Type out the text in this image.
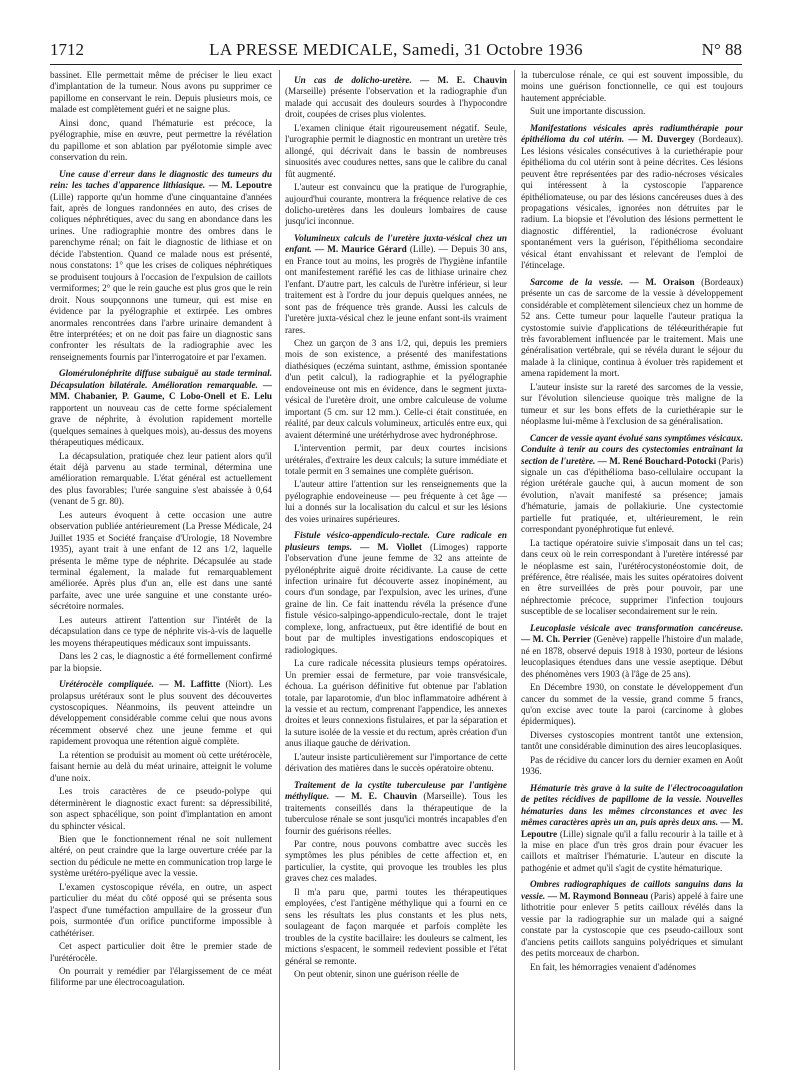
1712	LA PRESSE MEDICALE, Samedi, 31 Octobre 1936	N° 88

bassinet. Elle permettait même de préciser le lieu exact d'implantation de la tumeur. Nous avons pu supprimer ce papillome en conservant le rein. Depuis plusieurs mois, ce malade est complètement guéri et ne saigne plus.

Ainsi donc, quand l'hématurie est précoce, la pyélographie, mise en œuvre, peut permettre la révélation du papillome et son ablation par pyélotomie simple avec conservation du rein.

Une cause d'erreur dans le diagnostic des tumeurs du rein: les taches d'apparence lithiasique. — M. Lepoutre (Lille) rapporte qu'un homme d'une cinquantaine d'années fait, après de longues randonnées en auto, des crises de coliques néphrétiques, avec du sang en abondance dans les urines. Une radiographie montre des ombres dans le parenchyme rénal; on fait le diagnostic de lithiase et on décide l'abstention. Quand ce malade nous est présenté, nous constatons: 1° que les crises de coliques néphrétiques se produisent toujours à l'occasion de l'expulsion de caillots vermiformes; 2° que le rein gauche est plus gros que le rein droit. Nous soupçonnons une tumeur, qui est mise en évidence par la pyélographie et extirpée. Les ombres anormales rencontrées dans l'arbre urinaire demandent à être interprétées; et on ne doit pas faire un diagnostic sans confronter les résultats de la radiographie avec les renseignements fournis par l'interrogatoire et par l'examen.

Glomérulonéphrite diffuse subaiguë au stade terminal. Décapsulation bilatérale. Amélioration remarquable. — MM. Chabanier, P. Gaume, C Lobo-Onell et E. Lelu rapportent un nouveau cas de cette forme spécialement grave de néphrite, à évolution rapidement mortelle (quelques semaines à quelques mois), au-dessus des moyens thérapeutiques médicaux.

La décapsulation, pratiquée chez leur patient alors qu'il était déjà parvenu au stade terminal, détermina une amélioration remarquable. L'état général est actuellement des plus favorables; l'urée sanguine s'est abaissée à 0,64 (venant de 5 gr. 80).

Les auteurs évoquent à cette occasion une autre observation publiée antérieurement (La Presse Médicale, 24 Juillet 1935 et Société française d'Urologie, 18 Novembre 1935), ayant trait à une enfant de 12 ans 1/2, laquelle présenta le même type de néphrite. Décapsulée au stade terminal également, la malade fut remarquablement améliorée. Après plus d'un an, elle est dans une santé parfaite, avec une urée sanguine et une constante uréo-sécrétoire normales.

Les auteurs attirent l'attention sur l'intérêt de la décapsulation dans ce type de néphrite vis-à-vis de laquelle les moyens thérapeutiques médicaux sont impuissants.

Dans les 2 cas, le diagnostic a été formellement confirmé par la biopsie.

Urétérocèle compliquée. — M. Laffitte (Niort). Les prolapsus urétéraux sont le plus souvent des découvertes cystoscopiques. Néanmoins, ils peuvent atteindre un développement considérable comme celui que nous avons récemment observé chez une jeune femme et qui rapidement provoqua une rétention aiguë complète.

La rétention se produisit au moment où cette urétérocèle, faisant hernie au delà du méat urinaire, atteignit le volume d'une noix.

Les trois caractères de ce pseudo-polype qui déterminèrent le diagnostic exact furent: sa dépressibilité, son aspect sphacélique, son point d'implantation en amont du sphincter vésical.

Bien que le fonctionnement rénal ne soit nullement altéré, on peut craindre que la large ouverture créée par la section du pédicule ne mette en communication trop large le système urétéro-pyélique avec la vessie.

L'examen cystoscopique révéla, en outre, un aspect particulier du méat du côté opposé qui se présenta sous l'aspect d'une tuméfaction ampullaire de la grosseur d'un pois, surmontée d'un orifice punctiforme impossible à cathétériser.

Cet aspect particulier doit être le premier stade de l'urétérocèle.

On pourrait y remédier par l'élargissement de ce méat filiforme par une électrocoagulation.

Un cas de dolicho-uretère. — M. E. Chauvin (Marseille) présente l'observation et la radiographie d'un malade qui accusait des douleurs sourdes à l'hypocondre droit, coupées de crises plus violentes.

L'examen clinique était rigoureusement négatif. Seule, l'urographie permit le diagnostic en montrant un uretère très allongé, qui décrivait dans le bassin de nombreuses sinuosités avec coudures nettes, sans que le calibre du canal fût augmenté.

L'auteur est convaincu que la pratique de l'urographie, aujourd'hui courante, montrera la fréquence relative de ces dolicho-uretères dans les douleurs lombaires de cause jusqu'ici inconnue.

Volumineux calculs de l'uretère juxta-vésical chez un enfant. — M. Maurice Gérard (Lille). — Depuis 30 ans, en France tout au moins, les progrès de l'hygiène infantile ont manifestement raréfié les cas de lithiase urinaire chez l'enfant. D'autre part, les calculs de l'urètre inférieur, si leur traitement est à l'ordre du jour depuis quelques années, ne sont pas de fréquence très grande. Aussi les calculs de l'uretère juxta-vésical chez le jeune enfant sont-ils vraiment rares.

Chez un garçon de 3 ans 1/2, qui, depuis les premiers mois de son existence, a présenté des manifestations diathésiques (eczéma suintant, asthme, émission spontanée d'un petit calcul), la radiographie et la pyélographie endoveineuse ont mis en évidence, dans le segment juxta-vésical de l'uretère droit, une ombre calculeuse de volume important (5 cm. sur 12 mm.). Celle-ci était constituée, en réalité, par deux calculs volumineux, articulés entre eux, qui avaient déterminé une urétérhydrose avec hydronéphrose.

L'intervention permit, par deux courtes incisions urétérales, d'extraire les deux calculs; la suture immédiate et totale permit en 3 semaines une complète guérison.

L'auteur attire l'attention sur les renseignements que la pyélographie endoveineuse — peu fréquente à cet âge — lui a donnés sur la localisation du calcul et sur les lésions des voies urinaires supérieures.

Fistule vésico-appendiculo-rectale. Cure radicale en plusieurs temps. — M. Viollet (Limoges) rapporte l'observation d'une jeune femme de 32 ans atteinte de pyélonéphrite aiguë droite récidivante. La cause de cette infection urinaire fut découverte assez inopinément, au cours d'un sondage, par l'expulsion, avec les urines, d'une graine de lin. Ce fait inattendu révéla la présence d'une fistule vésico-salpingo-appendiculo-rectale, dont le trajet complexe, long, anfractueux, put être identifié de bout en bout par de multiples investigations endoscopiques et radiologiques.

La cure radicale nécessita plusieurs temps opératoires. Un premier essai de fermeture, par voie transvésicale, échoua. La guérison définitive fut obtenue par l'ablation totale, par laparotomie, d'un bloc inflammatoire adhérent à la vessie et au rectum, comprenant l'appendice, les annexes droites et leurs connexions fistulaires, et par la séparation et la suture isolée de la vessie et du rectum, après création d'un anus iliaque gauche de dérivation.

L'auteur insiste particulièrement sur l'importance de cette dérivation des matières dans le succès opératoire obtenu.

Traitement de la cystite tuberculeuse par l'antigène méthylique. — M. E. Chauvin (Marseille). Tous les traitements conseillés dans la thérapeutique de la tuberculose rénale se sont jusqu'ici montrés incapables d'en fournir des guérisons réelles.

Par contre, nous pouvons combattre avec succès les symptômes les plus pénibles de cette affection et, en particulier, la cystite, qui provoque les troubles les plus graves chez ces malades.

Il m'a paru que, parmi toutes les thérapeutiques employées, c'est l'antigène méthylique qui a fourni en ce sens les résultats les plus constants et les plus nets, soulageant de façon marquée et parfois complète les troubles de la cystite bacillaire: les douleurs se calment, les mictions s'espacent, le sommeil redevient possible et l'état général se remonte.

On peut obtenir, sinon une guérison réelle de

la tuberculose rénale, ce qui est souvent impossible, du moins une guérison fonctionnelle, ce qui est toujours hautement appréciable.

Suit une importante discussion.

Manifestations vésicales après radiumthérapie pour épithélioma du col utérin. — M. Duvergey (Bordeaux). Les lésions vésicales consécutives à la curiethérapie pour épithélioma du col utérin sont à peine décrites. Ces lésions peuvent être représentées par des radio-nécroses vésicales qui intéressent à la cystoscopie l'apparence épithéliomateuse, ou par des lésions cancéreuses dues à des propagations vésicales, ignorées non détruites par le radium. La biopsie et l'évolution des lésions permettent le diagnostic différentiel, la radionécrose évoluant spontanément vers la guérison, l'épithélioma secondaire vésical étant envahissant et relevant de l'emploi de l'étincelage.

Sarcome de la vessie. — M. Oraison (Bordeaux) présente un cas de sarcome de la vessie à développement considérable et complètement silencieux chez un homme de 52 ans. Cette tumeur pour laquelle l'auteur pratiqua la cystostomie suivie d'applications de téléœurithérapie fut très favorablement influencée par le traitement. Mais une généralisation vertébrale, qui se révéla durant le séjour du malade à la clinique, continua à évoluer très rapidement et amena rapidement la mort.

L'auteur insiste sur la rareté des sarcomes de la vessie, sur l'évolution silencieuse quoique très maligne de la tumeur et sur les bons effets de la curiethérapie sur le néoplasme lui-même à l'exclusion de sa généralisation.

Cancer de vessie ayant évolué sans symptômes vésicaux. Conduite à tenir au cours des cystectomies entraînant la section de l'uretère. — M. René Bouchard-Potocki (Paris) signale un cas d'épithélioma baso-cellulaire occupant la région urétérale gauche qui, à aucun moment de son évolution, n'avait manifesté sa présence; jamais d'hématurie, jamais de pollakiurie. Une cystectomie partielle fut pratiquée, et, ultérieurement, le rein correspondant pyonéphrotique fut enlevé.

La tactique opératoire suivie s'imposait dans un tel cas; dans ceux où le rein correspondant à l'uretère intéressé par le néoplasme est sain, l'urétérocystonéostomie doit, de préférence, être réalisée, mais les suites opératoires doivent en être surveillées de près pour pouvoir, par une néphrectomie précoce, supprimer l'infection toujours susceptible de se localiser secondairement sur le rein.

Leucoplasie vésicale avec transformation cancéreuse. — M. Ch. Perrier (Genève) rappelle l'histoire d'un malade, né en 1878, observé depuis 1918 à 1930, porteur de lésions leucoplasiques étendues dans une vessie aseptique. Début des phénomènes vers 1903 (à l'âge de 25 ans).

En Décembre 1930, on constate le développement d'un cancer du sommet de la vessie, grand comme 5 francs, qu'on excise avec toute la paroi (carcinome à globes épidermiques).

Diverses cystoscopies montrent tantôt une extension, tantôt une considérable diminution des aires leucoplasiques.

Pas de récidive du cancer lors du dernier examen en Août 1936.

Hématurie très grave à la suite de l'électrocoagulation de petites récidives de papillome de la vessie. Nouvelles hématuries dans les mêmes circonstances et avec les mêmes caractères après un an, puis après deux ans. — M. Lepoutre (Lille) signale qu'il a fallu recourir à la taille et à la mise en place d'un très gros drain pour évacuer les caillots et maîtriser l'hématurie. L'auteur en discute la pathogénie et admet qu'il s'agit de cystite hématurique.

Ombres radiographiques de caillots sanguins dans la vessie. — M. Raymond Bonneau (Paris) appelé à faire une lithotritie pour enlever 5 petits cailloux révélés dans la vessie par la radiographie sur un malade qui a saigné constate par la cystoscopie que ces pseudo-cailloux sont d'anciens petits caillots sanguins polyédriques et simulant des petits morceaux de charbon.

En fait, les hémorragies venaient d'adénomes
